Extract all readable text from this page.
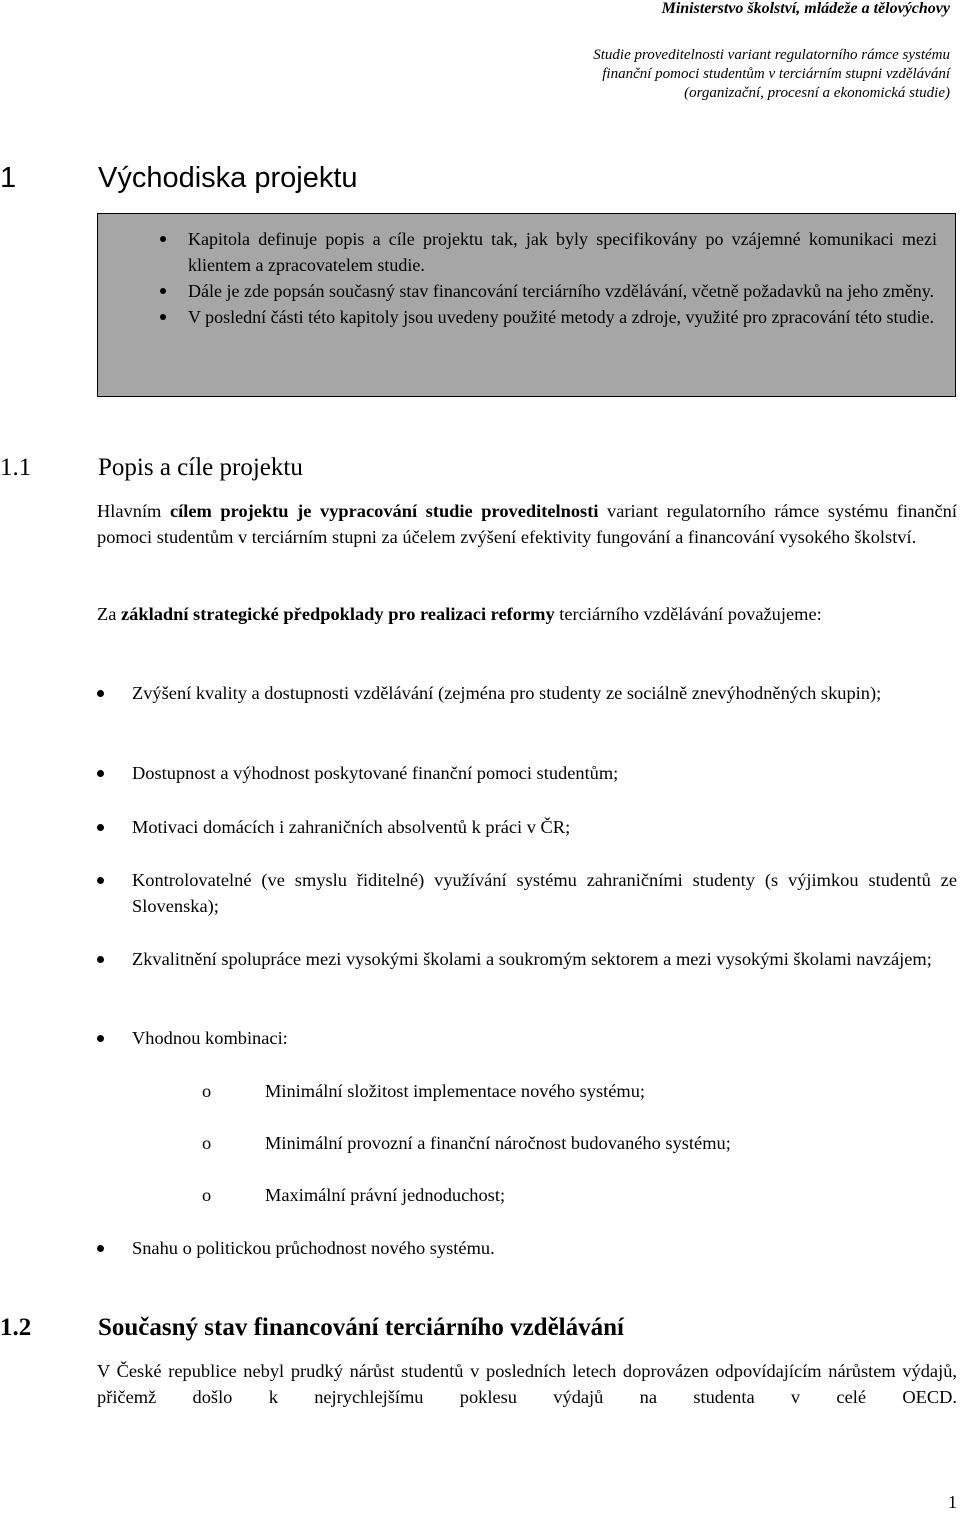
Ministerstvo školství, mládeže a tělovýchovy
Studie proveditelnosti variant regulatorního rámce systému
finanční pomoci studentům v terciárním stupni vzdělávání
(organizační, procesní a ekonomická studie)
1	Východiska projektu
Kapitola definuje popis a cíle projektu tak, jak byly specifikovány po vzájemné komunikaci mezi klientem a zpracovatelem studie.
Dále je zde popsán současný stav financování terciárního vzdělávání, včetně požadavků na jeho změny.
V poslední části této kapitoly jsou uvedeny použité metody a zdroje, využité pro zpracování této studie.
1.1	Popis a cíle projektu
Hlavním cílem projektu je vypracování studie proveditelnosti variant regulatorního rámce systému finanční pomoci studentům v terciárním stupni za účelem zvýšení efektivity fungování a financování vysokého školství.
Za základní strategické předpoklady pro realizaci reformy terciárního vzdělávání považujeme:
Zvýšení kvality a dostupnosti vzdělávání (zejména pro studenty ze sociálně znevýhodněných skupin);
Dostupnost a výhodnost poskytované finanční pomoci studentům;
Motivaci domácích i zahraničních absolventů k práci v ČR;
Kontrolovatelné (ve smyslu řiditelné) využívání systému zahraničními studenty (s výjimkou studentů ze Slovenska);
Zkvalitnění spolupráce mezi vysokými školami a soukromým sektorem a mezi vysokými školami navzájem;
Vhodnou kombinaci:
o	Minimální složitost implementace nového systému;
o	Minimální provozní a finanční náročnost budovaného systému;
o	Maximální právní jednoduchost;
Snahu o politickou průchodnost nového systému.
1.2	Současný stav financování terciárního vzdělávání
V České republice nebyl prudký nárůst studentů v posledních letech doprovázen odpovídajícím nárůstem výdajů, přičemž došlo k nejrychlejšímu poklesu výdajů na studenta v celé OECD.
1
